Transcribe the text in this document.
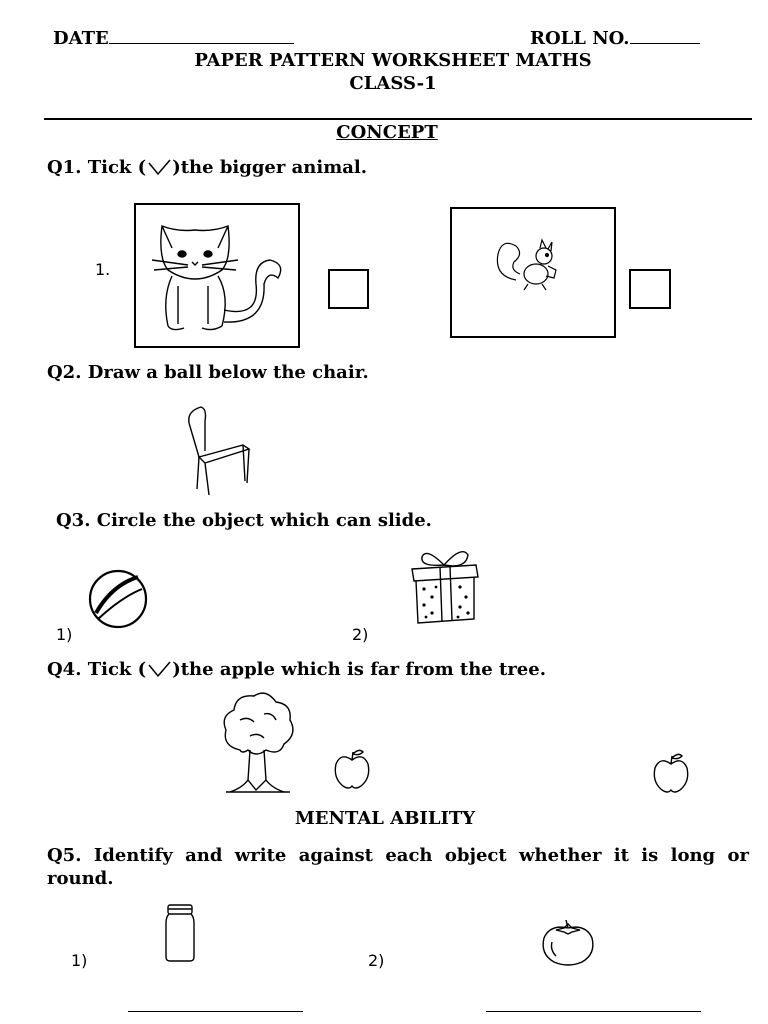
DATE	ROLL NO.
PAPER PATTERN WORKSHEET MATHS
CLASS-1
CONCEPT
Q1. Tick ( )the bigger animal.
1.
Q2. Draw a ball below the chair.
Q3. Circle the object which can slide.
1)	2)
Q4. Tick ( )the apple which is far from the tree.
MENTAL ABILITY
Q5. Identify and write against each object whether it is long or
round.
1)	2)
